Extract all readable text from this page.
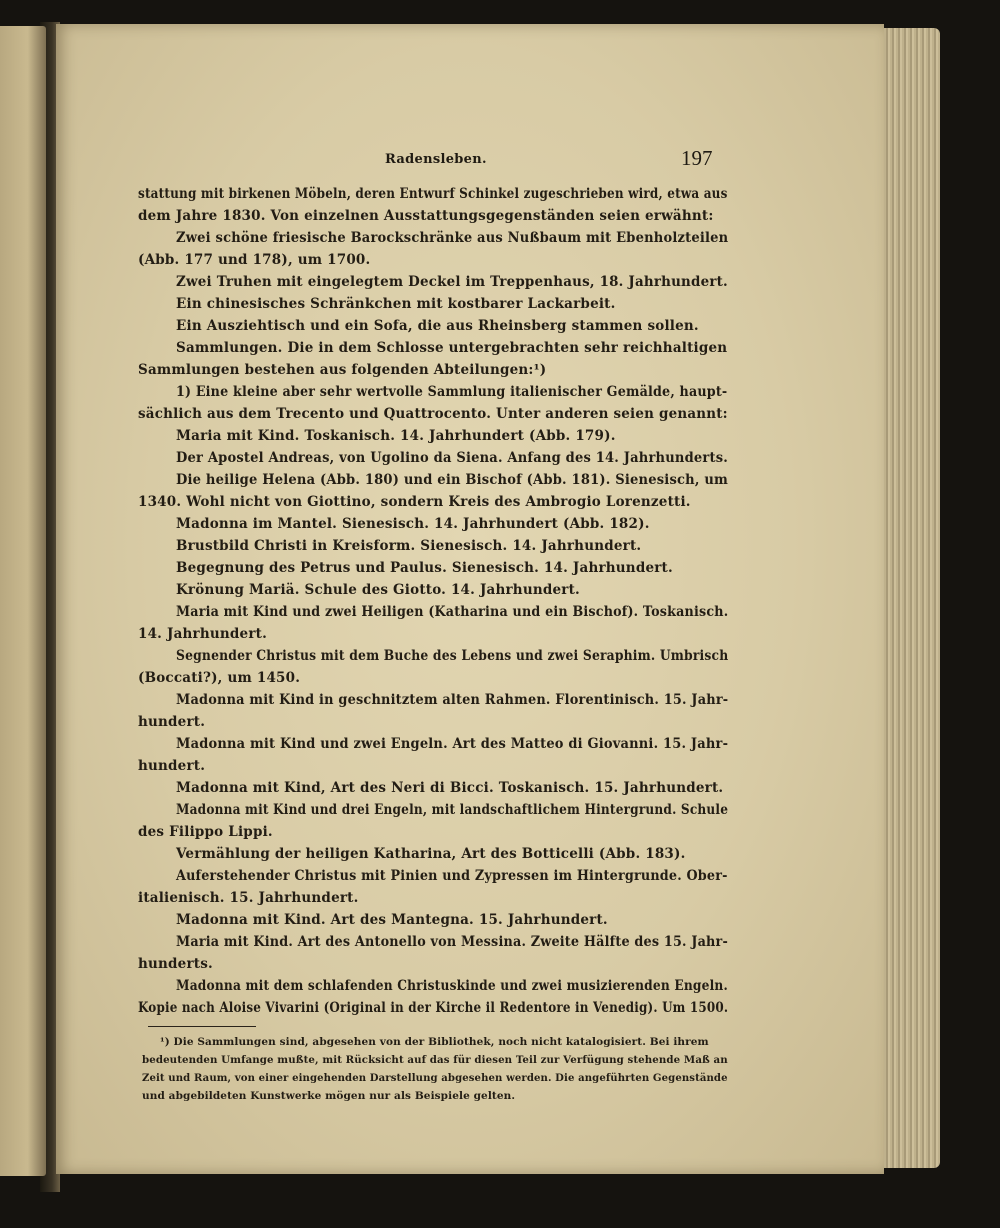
Radensleben.	197
stattung mit birkenen Möbeln, deren Entwurf Schinkel zugeschrieben wird, etwa aus
dem Jahre 1830. Von einzelnen Ausstattungsgegenständen seien erwähnt:
Zwei schöne friesische Barockschränke aus Nußbaum mit Ebenholzteilen
(Abb. 177 und 178), um 1700.
Zwei Truhen mit eingelegtem Deckel im Treppenhaus, 18. Jahrhundert.
Ein chinesisches Schränkchen mit kostbarer Lackarbeit.
Ein Ausziehtisch und ein Sofa, die aus Rheinsberg stammen sollen.
Sammlungen. Die in dem Schlosse untergebrachten sehr reichhaltigen
Sammlungen bestehen aus folgenden Abteilungen:¹)
1) Eine kleine aber sehr wertvolle Sammlung italienischer Gemälde, haupt-
sächlich aus dem Trecento und Quattrocento. Unter anderen seien genannt:
Maria mit Kind. Toskanisch. 14. Jahrhundert (Abb. 179).
Der Apostel Andreas, von Ugolino da Siena. Anfang des 14. Jahrhunderts.
Die heilige Helena (Abb. 180) und ein Bischof (Abb. 181). Sienesisch, um
1340. Wohl nicht von Giottino, sondern Kreis des Ambrogio Lorenzetti.
Madonna im Mantel. Sienesisch. 14. Jahrhundert (Abb. 182).
Brustbild Christi in Kreisform. Sienesisch. 14. Jahrhundert.
Begegnung des Petrus und Paulus. Sienesisch. 14. Jahrhundert.
Krönung Mariä. Schule des Giotto. 14. Jahrhundert.
Maria mit Kind und zwei Heiligen (Katharina und ein Bischof). Toskanisch.
14. Jahrhundert.
Segnender Christus mit dem Buche des Lebens und zwei Seraphim. Umbrisch
(Boccati?), um 1450.
Madonna mit Kind in geschnitztem alten Rahmen. Florentinisch. 15. Jahr-
hundert.
Madonna mit Kind und zwei Engeln. Art des Matteo di Giovanni. 15. Jahr-
hundert.
Madonna mit Kind, Art des Neri di Bicci. Toskanisch. 15. Jahrhundert.
Madonna mit Kind und drei Engeln, mit landschaftlichem Hintergrund. Schule
des Filippo Lippi.
Vermählung der heiligen Katharina, Art des Botticelli (Abb. 183).
Auferstehender Christus mit Pinien und Zypressen im Hintergrunde. Ober-
italienisch. 15. Jahrhundert.
Madonna mit Kind. Art des Mantegna. 15. Jahrhundert.
Maria mit Kind. Art des Antonello von Messina. Zweite Hälfte des 15. Jahr-
hunderts.
Madonna mit dem schlafenden Christuskinde und zwei musizierenden Engeln.
Kopie nach Aloise Vivarini (Original in der Kirche il Redentore in Venedig). Um 1500.
¹) Die Sammlungen sind, abgesehen von der Bibliothek, noch nicht katalogisiert. Bei ihrem
bedeutenden Umfange mußte, mit Rücksicht auf das für diesen Teil zur Verfügung stehende Maß an
Zeit und Raum, von einer eingehenden Darstellung abgesehen werden. Die angeführten Gegenstände
und abgebildeten Kunstwerke mögen nur als Beispiele gelten.
